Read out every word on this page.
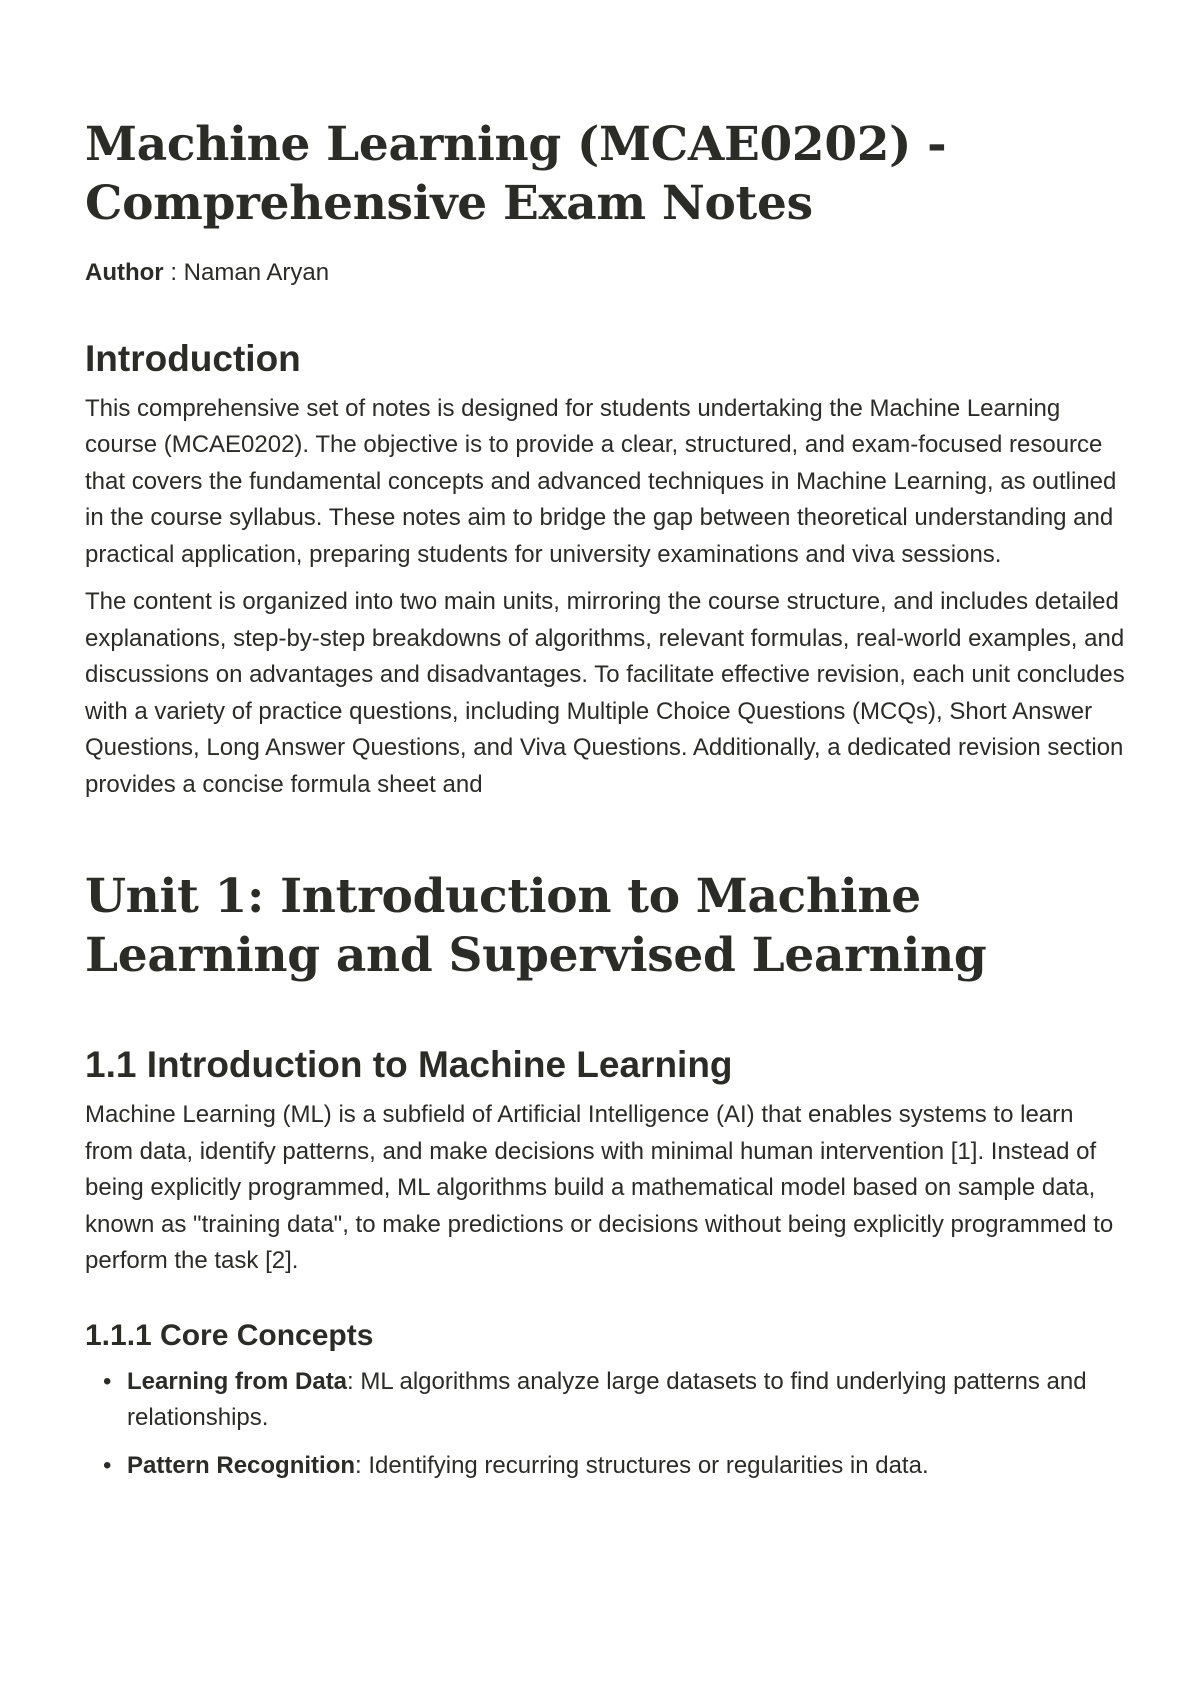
Machine Learning (MCAE0202) - Comprehensive Exam Notes
Author : Naman Aryan
Introduction

This comprehensive set of notes is designed for students undertaking the Machine Learning course (MCAE0202). The objective is to provide a clear, structured, and exam-focused resource that covers the fundamental concepts and advanced techniques in Machine Learning, as outlined in the course syllabus. These notes aim to bridge the gap between theoretical understanding and practical application, preparing students for university examinations and viva sessions.

The content is organized into two main units, mirroring the course structure, and includes detailed explanations, step-by-step breakdowns of algorithms, relevant formulas, real-world examples, and discussions on advantages and disadvantages. To facilitate effective revision, each unit concludes with a variety of practice questions, including Multiple Choice Questions (MCQs), Short Answer Questions, Long Answer Questions, and Viva Questions. Additionally, a dedicated revision section provides a concise formula sheet and

Unit 1: Introduction to Machine Learning and Supervised Learning
1.1 Introduction to Machine Learning

Machine Learning (ML) is a subfield of Artificial Intelligence (AI) that enables systems to learn from data, identify patterns, and make decisions with minimal human intervention [1]. Instead of being explicitly programmed, ML algorithms build a mathematical model based on sample data, known as "training data", to make predictions or decisions without being explicitly programmed to perform the task [2].

1.1.1 Core Concepts
• Learning from Data: ML algorithms analyze large datasets to find underlying patterns and relationships.
• Pattern Recognition: Identifying recurring structures or regularities in data.
